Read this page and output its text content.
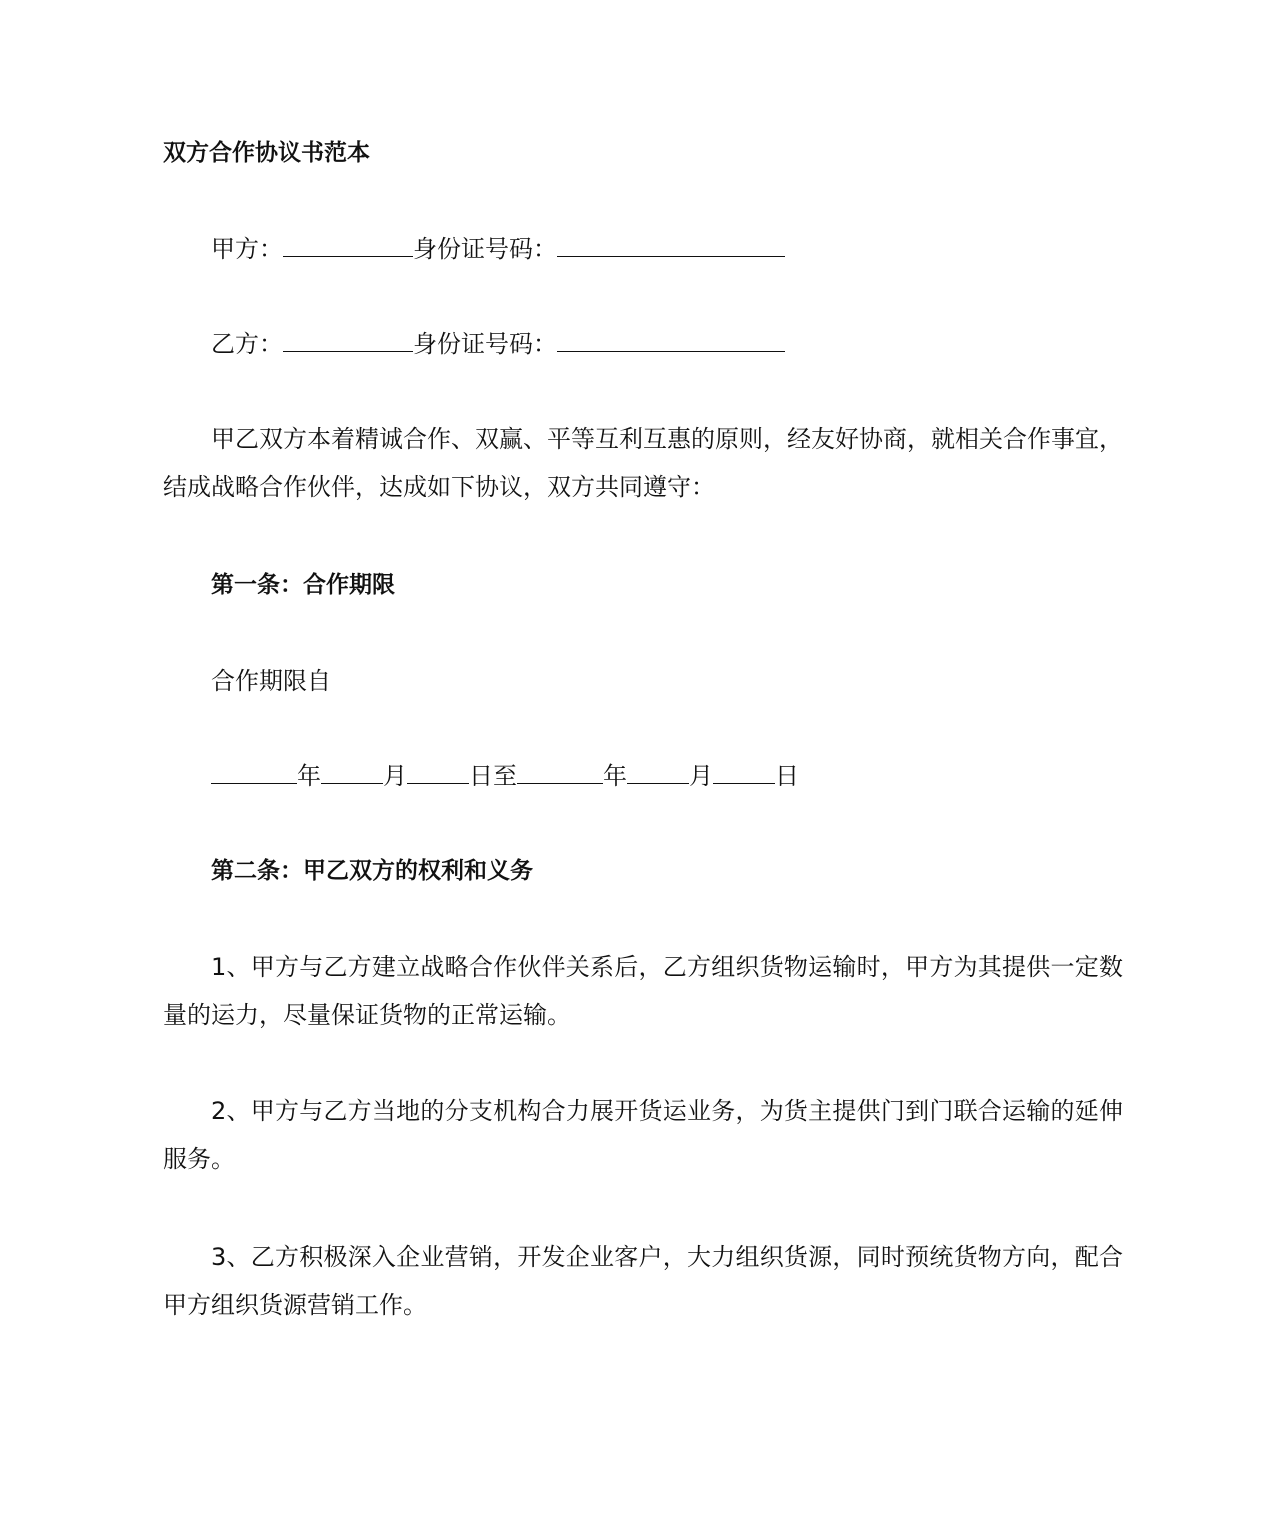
双方合作协议书范本
甲方：	身份证号码：
乙方：	身份证号码：
甲乙双方本着精诚合作、双赢、平等互利互惠的原则，经友好协商，就相关合作事宜，结成战略合作伙伴，达成如下协议，双方共同遵守：
第一条：合作期限
合作期限自
年	月	日至	年	月	日
第二条：甲乙双方的权利和义务
1、甲方与乙方建立战略合作伙伴关系后，乙方组织货物运输时，甲方为其提供一定数量的运力，尽量保证货物的正常运输。
2、甲方与乙方当地的分支机构合力展开货运业务，为货主提供门到门联合运输的延伸服务。
3、乙方积极深入企业营销，开发企业客户，大力组织货源，同时预统货物方向，配合甲方组织货源营销工作。
